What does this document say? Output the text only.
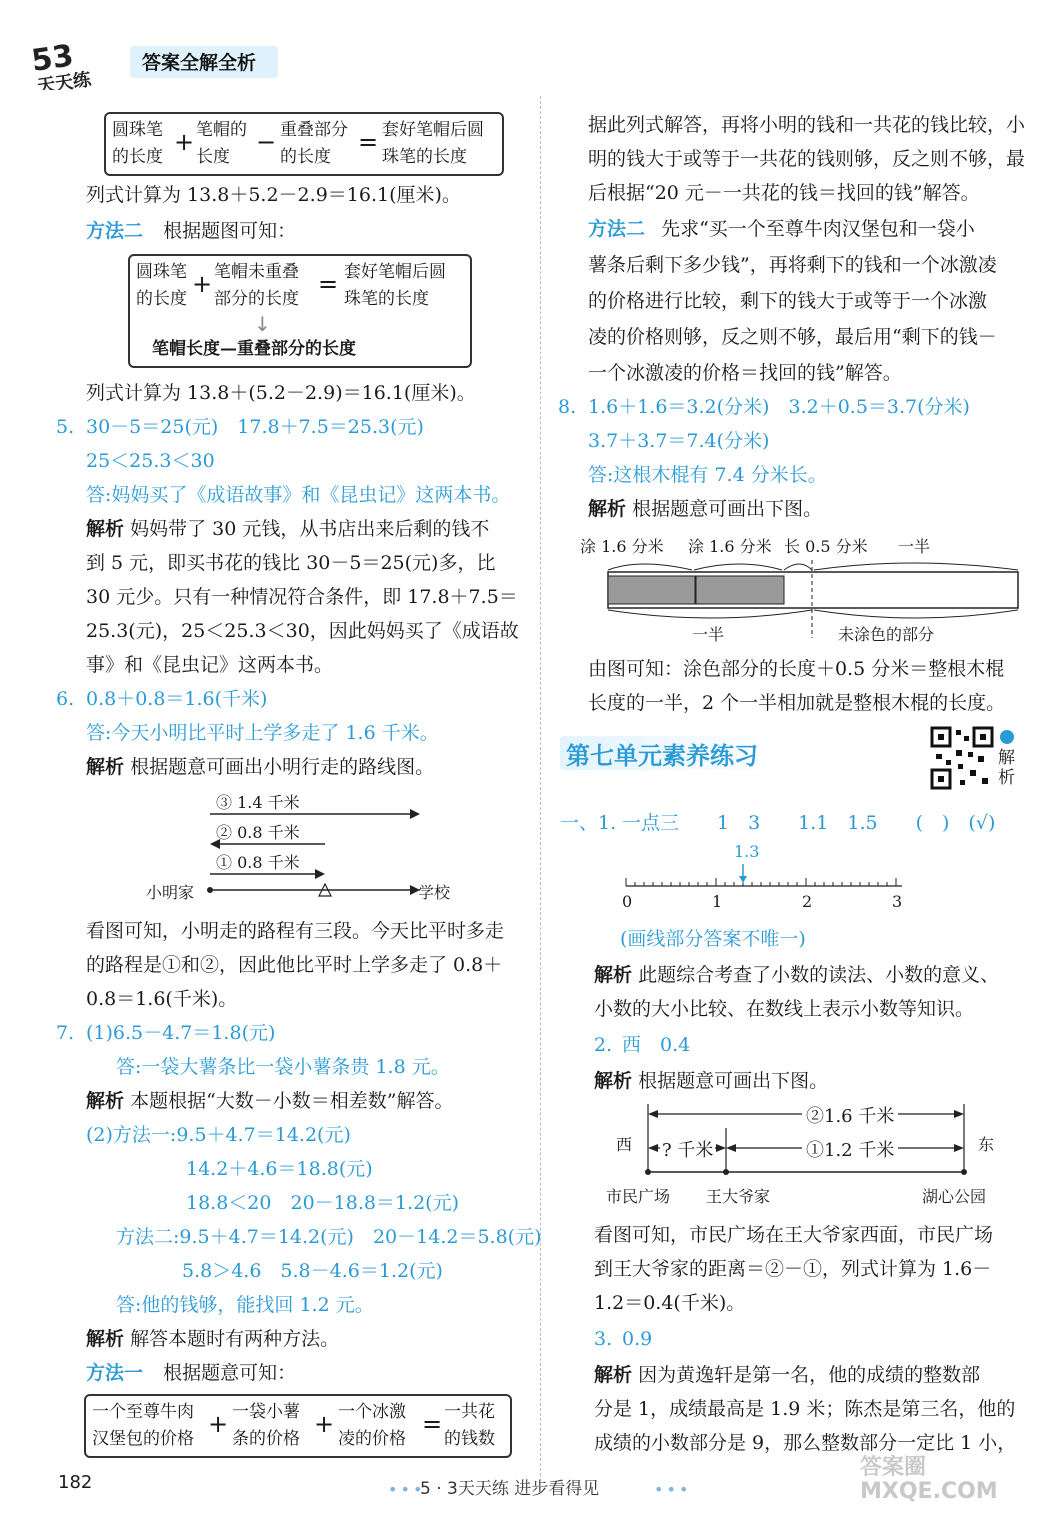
53
天天练
答案全解全析
圆珠笔
的长度
+ 笔帽的
长度
− 重叠部分
的长度
= 套好笔帽后圆
珠笔的长度
列式计算为 13.8＋5.2－2.9＝16.1(厘米)。
方法二 根据题图可知：
圆珠笔
的长度
+ 笔帽未重叠
部分的长度
= 套好笔帽后圆
珠笔的长度
↓
笔帽长度—重叠部分的长度
列式计算为 13.8＋(5.2－2.9)＝16.1(厘米)。
5. 30－5＝25(元)　17.8＋7.5＝25.3(元)
25＜25.3＜30
答:妈妈买了《成语故事》和《昆虫记》这两本书。
解析 妈妈带了 30 元钱，从书店出来后剩的钱不
到 5 元，即买书花的钱比 30－5＝25(元)多，比
30 元少。只有一种情况符合条件，即 17.8＋7.5＝
25.3(元)，25＜25.3＜30，因此妈妈买了《成语故
事》和《昆虫记》这两本书。
6. 0.8＋0.8＝1.6(千米)
答:今天小明比平时上学多走了 1.6 千米。
解析 根据题意可画出小明行走的路线图。
③ 1.4 千米
② 0.8 千米
① 0.8 千米
小明家	学校
看图可知，小明走的路程有三段。今天比平时多走
的路程是①和②，因此他比平时上学多走了 0.8＋
0.8＝1.6(千米)。
7. (1)6.5－4.7＝1.8(元)
答:一袋大薯条比一袋小薯条贵 1.8 元。
解析 本题根据“大数－小数＝相差数”解答。
(2)方法一:9.5＋4.7＝14.2(元)
14.2＋4.6＝18.8(元)
18.8＜20　20－18.8＝1.2(元)
方法二:9.5＋4.7＝14.2(元)　20－14.2＝5.8(元)
5.8＞4.6　5.8－4.6＝1.2(元)
答:他的钱够，能找回 1.2 元。
解析 解答本题时有两种方法。
方法一 根据题意可知：
一个至尊牛肉
汉堡包的价格
+ 一袋小薯
条的价格
+ 一个冰激
凌的价格
= 一共花
的钱数
据此列式解答，再将小明的钱和一共花的钱比较，小
明的钱大于或等于一共花的钱则够，反之则不够，最
后根据“20 元－一共花的钱＝找回的钱”解答。
方法二 先求“买一个至尊牛肉汉堡包和一袋小
薯条后剩下多少钱”，再将剩下的钱和一个冰激凌
的价格进行比较，剩下的钱大于或等于一个冰激
凌的价格则够，反之则不够，最后用“剩下的钱－
一个冰激凌的价格＝找回的钱”解答。
8. 1.6＋1.6＝3.2(分米)　3.2＋0.5＝3.7(分米)
3.7＋3.7＝7.4(分米)
答:这根木棍有 7.4 分米长。
解析 根据题意可画出下图。
涂 1.6 分米 涂 1.6 分米 长 0.5 分米 一半
一半	未涂色的部分
由图可知：涂色部分的长度＋0.5 分米＝整根木棍
长度的一半，2 个一半相加就是整根木棍的长度。
第七单元素养练习	解析
一、1. 一点三　　1　3　　1.1　1.5　　(　)　(√)
1.3
0	1	2	3
(画线部分答案不唯一)
解析 此题综合考查了小数的读法、小数的意义、
小数的大小比较、在数线上表示小数等知识。
2. 西　0.4
解析 根据题意可画出下图。
西	东
②1.6 千米
? 千米	①1.2 千米
市民广场 王大爷家	湖心公园
看图可知，市民广场在王大爷家西面，市民广场
到王大爷家的距离＝②－①，列式计算为 1.6－
1.2＝0.4(千米)。
3. 0.9
解析 因为黄逸轩是第一名，他的成绩的整数部
分是 1，成绩最高是 1.9 米；陈杰是第三名，他的
成绩的小数部分是 9，那么整数部分一定比 1 小，
182	• • •
5 · 3天天练 进步看得见	• • •
答案圈 MXQE.COM
